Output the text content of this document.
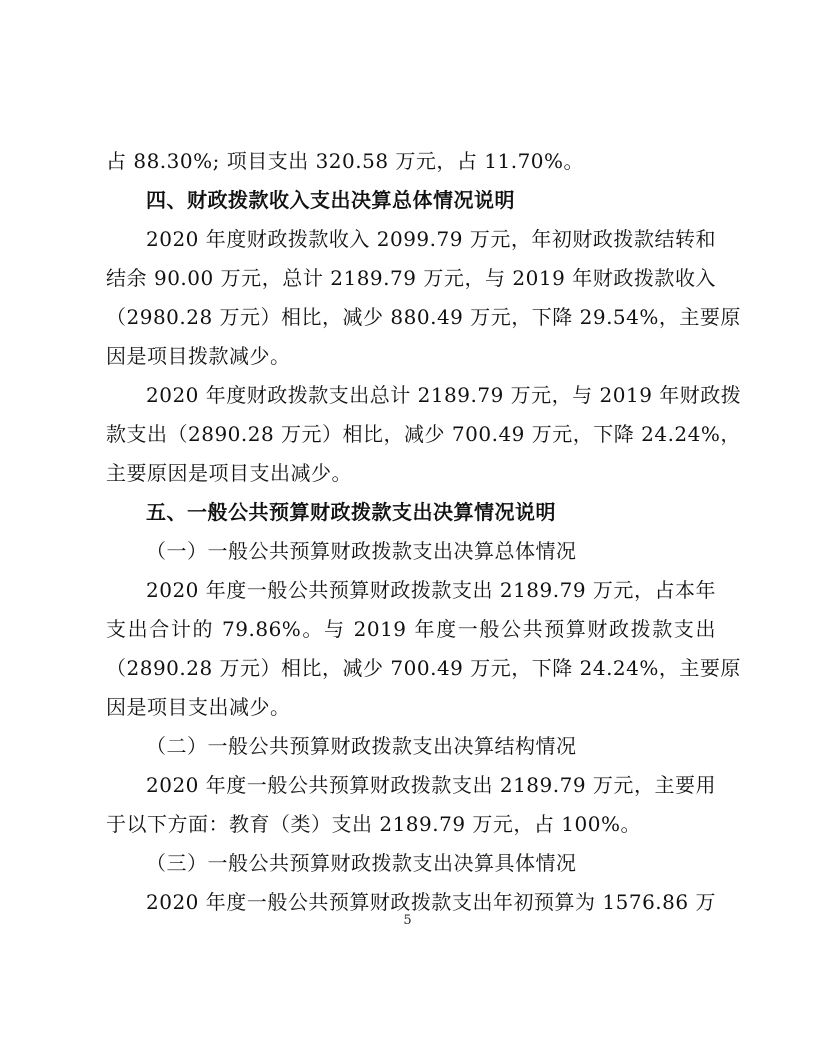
占 88.30%; 项目支出 320.58 万元，占 11.70%。
四、财政拨款收入支出决算总体情况说明
2020 年度财政拨款收入 2099.79 万元，年初财政拨款结转和
结余 90.00 万元，总计 2189.79 万元，与 2019 年财政拨款收入
（2980.28 万元）相比，减少 880.49 万元，下降 29.54%，主要原
因是项目拨款减少。
2020 年度财政拨款支出总计 2189.79 万元，与 2019 年财政拨
款支出（2890.28 万元）相比，减少 700.49 万元，下降 24.24%，
主要原因是项目支出减少。
五、一般公共预算财政拨款支出决算情况说明
（一）一般公共预算财政拨款支出决算总体情况
2020 年度一般公共预算财政拨款支出 2189.79 万元，占本年
支出合计的 79.86%。与 2019 年度一般公共预算财政拨款支出
（2890.28 万元）相比，减少 700.49 万元，下降 24.24%，主要原
因是项目支出减少。
（二）一般公共预算财政拨款支出决算结构情况
2020 年度一般公共预算财政拨款支出 2189.79 万元，主要用
于以下方面：教育（类）支出 2189.79 万元，占 100%。
（三）一般公共预算财政拨款支出决算具体情况
2020 年度一般公共预算财政拨款支出年初预算为 1576.86 万
5
